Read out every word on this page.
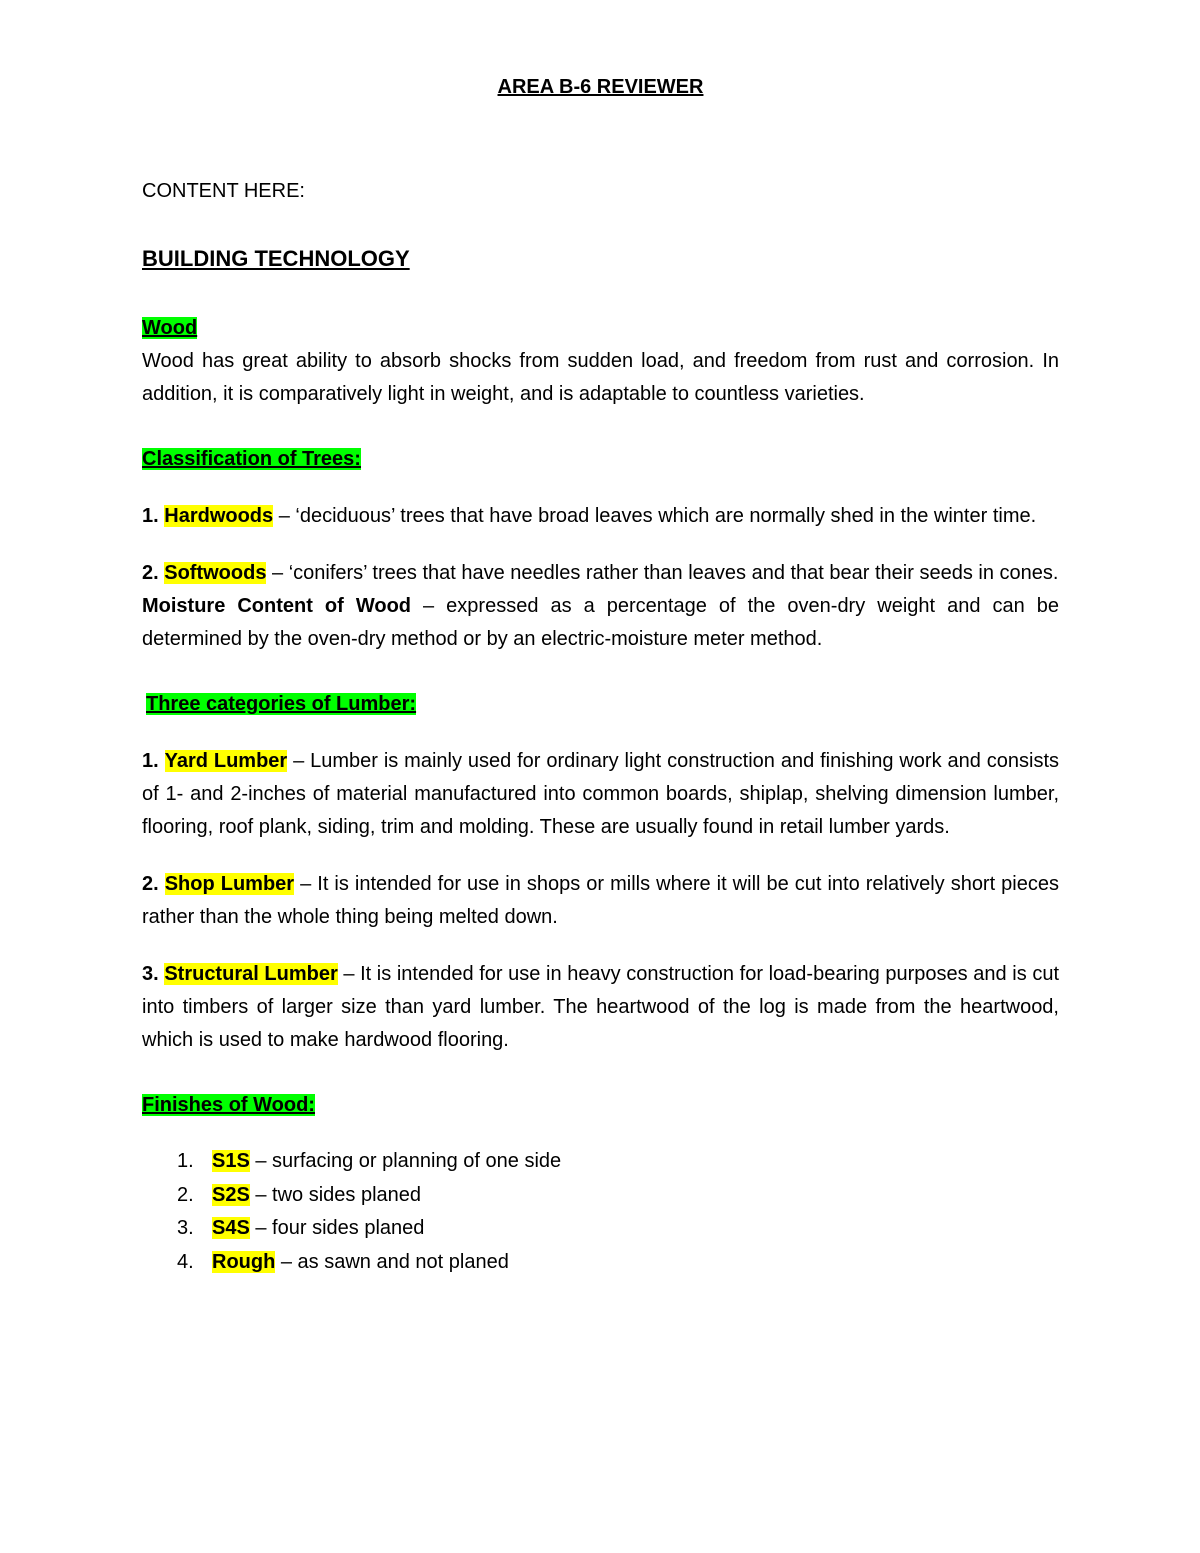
AREA B-6 REVIEWER

CONTENT HERE:

BUILDING TECHNOLOGY

Wood

Wood has great ability to absorb shocks from sudden load, and freedom from rust and corrosion. In addition, it is comparatively light in weight, and is adaptable to countless varieties.

Classification of Trees:

1. Hardwoods – ‘deciduous’ trees that have broad leaves which are normally shed in the winter time.

2. Softwoods – ‘conifers’ trees that have needles rather than leaves and that bear their seeds in cones.

Moisture Content of Wood – expressed as a percentage of the oven-dry weight and can be determined by the oven-dry method or by an electric-moisture meter method.

Three categories of Lumber:

1. Yard Lumber – Lumber is mainly used for ordinary light construction and finishing work and consists of 1- and 2-inches of material manufactured into common boards, shiplap, shelving dimension lumber, flooring, roof plank, siding, trim and molding. These are usually found in retail lumber yards.

2. Shop Lumber – It is intended for use in shops or mills where it will be cut into relatively short pieces rather than the whole thing being melted down.

3. Structural Lumber – It is intended for use in heavy construction for load-bearing purposes and is cut into timbers of larger size than yard lumber. The heartwood of the log is made from the heartwood, which is used to make hardwood flooring.

Finishes of Wood:

1. S1S – surfacing or planning of one side
2. S2S – two sides planed
3. S4S – four sides planed
4. Rough – as sawn and not planed
